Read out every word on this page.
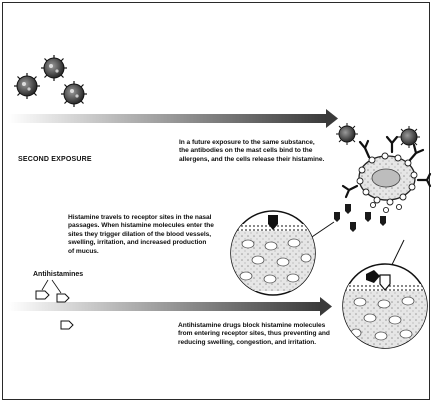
SECOND EXPOSURE
Antihistamines
In a future exposure to the same substance,
the antibodies on the mast cells bind to the
allergens, and the cells release their histamine.
Histamine travels to receptor sites in the nasal
passages. When histamine molecules enter the
sites they trigger dilation of the blood vessels,
swelling, irritation, and increased production
of mucus.
Antihistamine drugs block histamine molecules
from entering receptor sites, thus preventing and
reducing swelling, congestion, and irritation.
